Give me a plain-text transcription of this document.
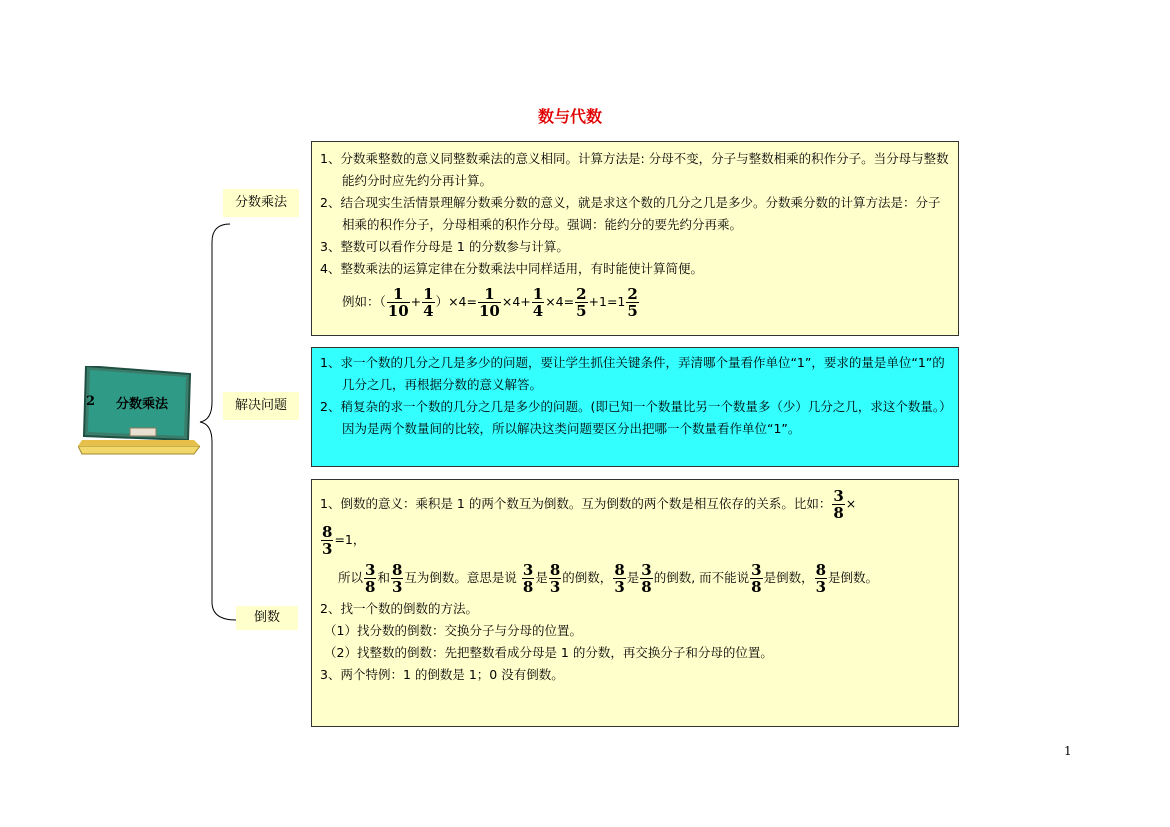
数与代数
2 分数乘法
分数乘法
解决问题
倒数
1、分数乘整数的意义同整数乘法的意义相同。计算方法是: 分母不变，分子与整数相乘的积作分子。当分母与整数能约分时应先约分再计算。
2、结合现实生活情景理解分数乘分数的意义，就是求这个数的几分之几是多少。分数乘分数的计算方法是：分子相乘的积作分子，分母相乘的积作分母。强调：能约分的要先约分再乘。
3、整数可以看作分母是 1 的分数参与计算。
4、整数乘法的运算定律在分数乘法中同样适用，有时能使计算简便。
例如：（ $\frac{1}{10} + \frac{1}{4} )\times 4= \frac{1}{10} \times 4+ \frac{1}{4} \times 4= \frac{2}{5} +1=1 \frac{2}{5}$
1、求一个数的几分之几是多少的问题，要让学生抓住关键条件，弄清哪个量看作单位“1”，要求的量是单位“1”的几分之几，再根据分数的意义解答。
2、稍复杂的求一个数的几分之几是多少的问题。(即已知一个数量比另一个数量多（少）几分之几，求这个数量。）因为是两个数量间的比较，所以解决这类问题要区分出把哪一个数量看作单位“1”。
1、倒数的意义：乘积是 1 的两个数互为倒数。互为倒数的两个数是相互依存的关系。比如： $\frac{3}{8}$ ×
$\frac{8}{3} =1$，
所以 $\frac{3}{8}$ 和 $\frac{8}{3}$ 互为倒数。意思是说 $\frac{3}{8}$ 是 $\frac{8}{3}$ 的倒数， $\frac{8}{3}$ 是 $\frac{3}{8}$ 的倒数, 而不能说 $\frac{3}{8}$ 是倒数， $\frac{8}{3}$ 是倒数。
2、找一个数的倒数的方法。
（1）找分数的倒数：交换分子与分母的位置。
（2）找整数的倒数：先把整数看成分母是 1 的分数，再交换分子和分母的位置。
3、两个特例：1 的倒数是 1；0 没有倒数。
1
